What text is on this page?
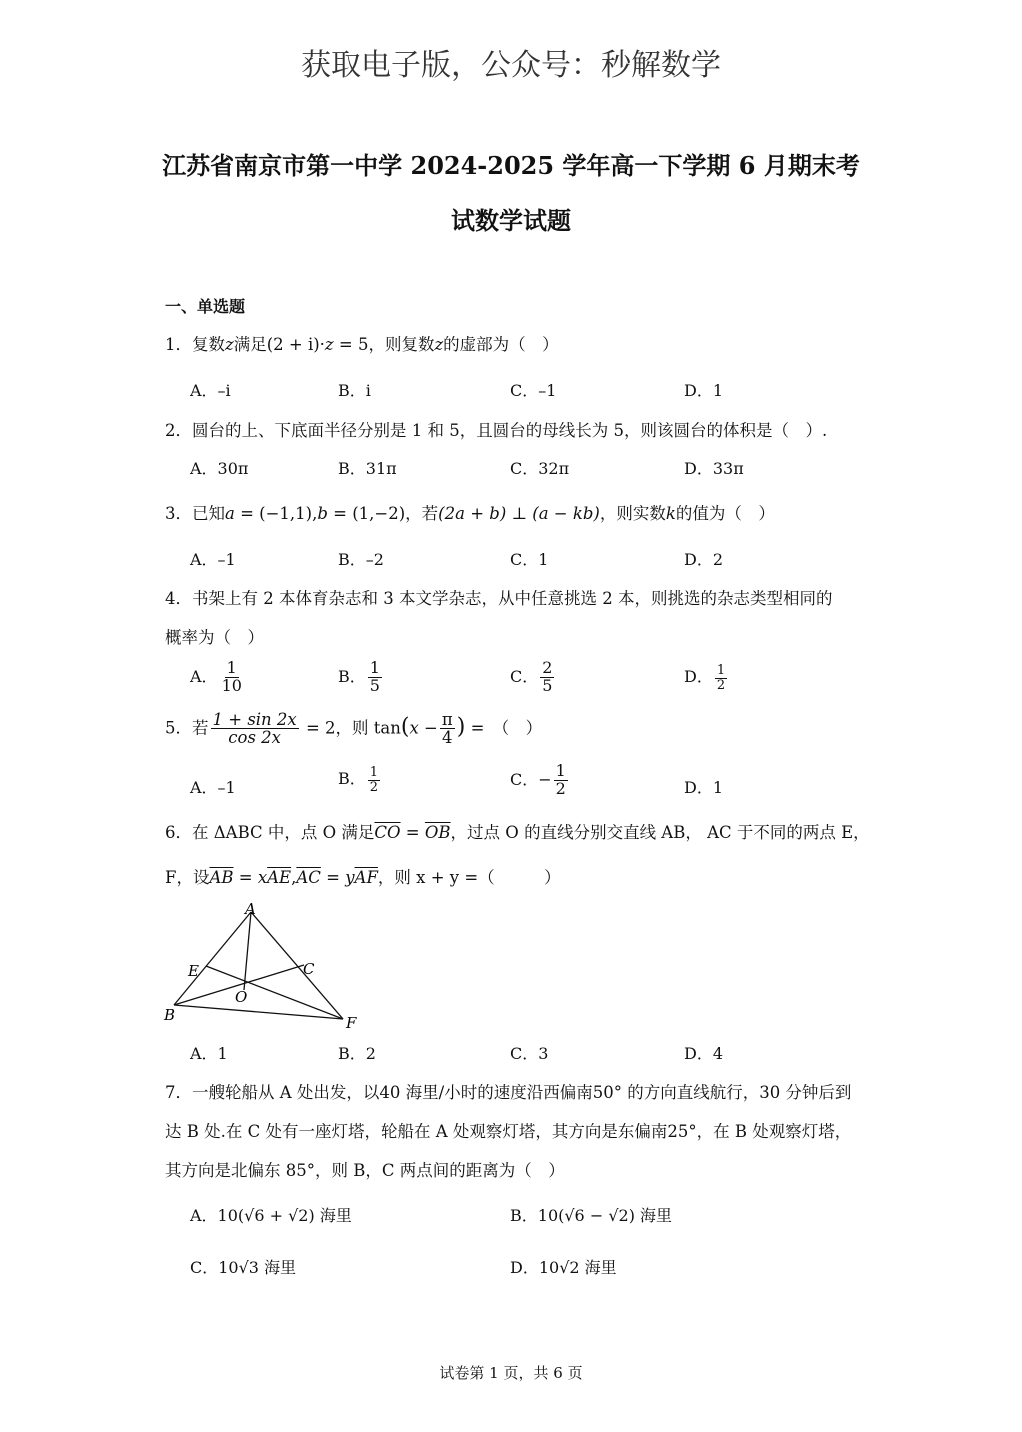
获取电子版，公众号：秒解数学
江苏省南京市第一中学 2024-2025 学年高一下学期 6 月期末考
试数学试题
一、单选题
1．复数z满足(2 + i)·z = 5，则复数z的虚部为（　）
A．–i	B．i	C．–1	D．1
2．圆台的上、下底面半径分别是 1 和 5，且圆台的母线长为 5，则该圆台的体积是（　）.
A．30π	B．31π	C．32π	D．33π
3．已知a = (−1,1),b = (1,−2)，若(2a + b) ⊥ (a − kb)，则实数k的值为（　）
A．–1	B．–2	C．1	D．2
4．书架上有 2 本体育杂志和 3 本文学杂志，从中任意挑选 2 本，则挑选的杂志类型相同的
概率为（　）
A． $\frac{1}{10}$	B． $\frac{1}{5}$	C． $\frac{2}{5}$	D． $\frac{1}{2}$
5．若 $\frac{1 + \sin 2x}{\cos 2x} = 2$，则 $\tan(x - \frac{\pi}{4}$ ) =　（　）
A．–1	B． $\frac{1}{2}$	C．− $\frac{1}{2}$	D．1
6．在 ΔABC 中，点 O 满足$\overline{CO} = \overline{OB}$，过点 O 的直线分别交直线 AB， AC 于不同的两点 E，
F，设$\overline{AB} = x\overline{AE},\overline{AC} = y\overline{AF}$，则 x + y =（　　　）
A
B
C
E
O
F
A．1	B．2	C．3	D．4
7．一艘轮船从 A 处出发，以40 海里/小时的速度沿西偏南50° 的方向直线航行，30 分钟后到
达 B 处.在 C 处有一座灯塔，轮船在 A 处观察灯塔，其方向是东偏南25°，在 B 处观察灯塔，
其方向是北偏东 85°，则 B，C 两点间的距离为（　）
A．10(√6 + √2) 海里	B．10(√6 − √2) 海里
C．10√3 海里	D．10√2 海里
试卷第 1 页，共 6 页
